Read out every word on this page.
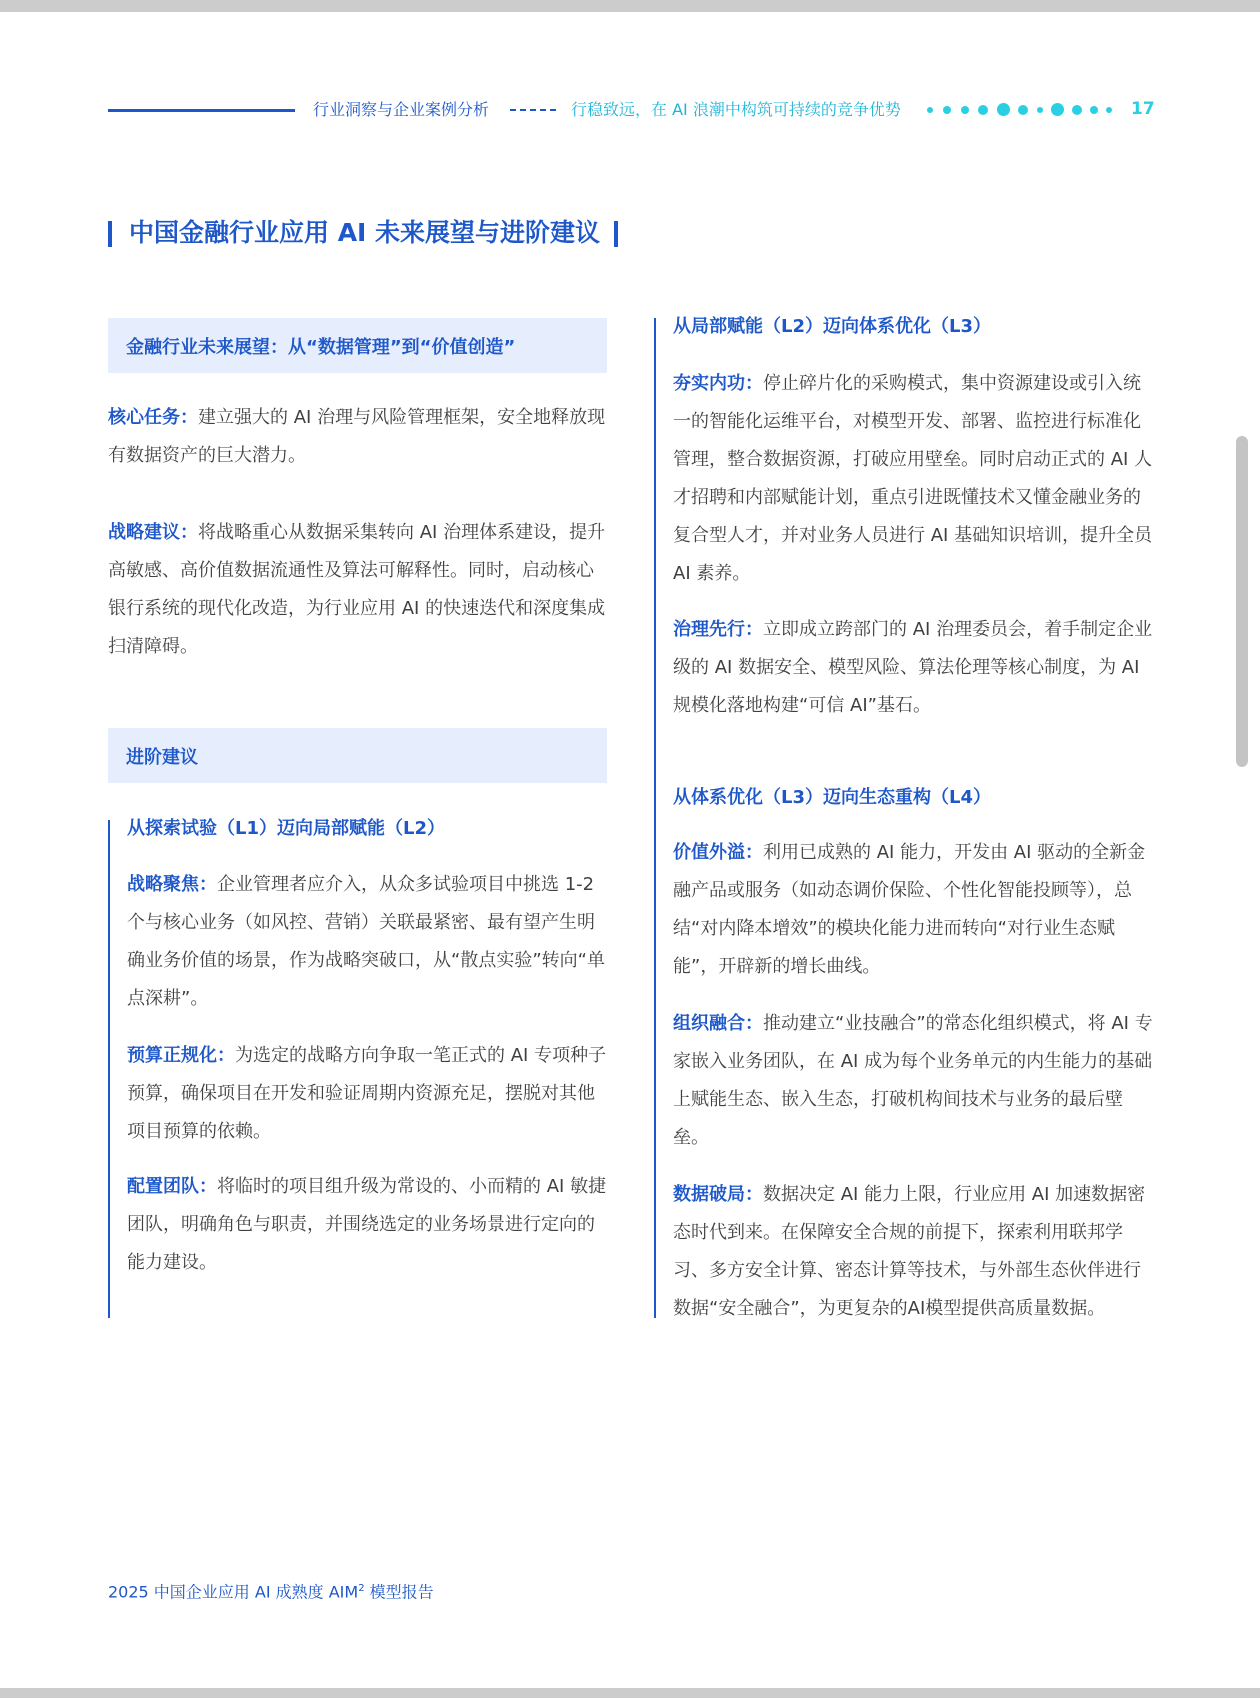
行业洞察与企业案例分析	行稳致远，在 AI 浪潮中构筑可持续的竞争优势	17
中国金融行业应用 AI 未来展望与进阶建议
金融行业未来展望：从“数据管理”到“价值创造”
核心任务：建立强大的 AI 治理与风险管理框架，安全地释放现有数据资产的巨大潜力。
战略建议：将战略重心从数据采集转向 AI 治理体系建设，提升高敏感、高价值数据流通性及算法可解释性。同时，启动核心银行系统的现代化改造，为行业应用 AI 的快速迭代和深度集成扫清障碍。
进阶建议
从探索试验（L1）迈向局部赋能（L2）
战略聚焦：企业管理者应介入，从众多试验项目中挑选 1-2 个与核心业务（如风控、营销）关联最紧密、最有望产生明确业务价值的场景，作为战略突破口，从“散点实验”转向“单点深耕”。
预算正规化：为选定的战略方向争取一笔正式的 AI 专项种子预算，确保项目在开发和验证周期内资源充足，摆脱对其他项目预算的依赖。
配置团队：将临时的项目组升级为常设的、小而精的 AI 敏捷团队，明确角色与职责，并围绕选定的业务场景进行定向的能力建设。
从局部赋能（L2）迈向体系优化（L3）
夯实内功：停止碎片化的采购模式，集中资源建设或引入统一的智能化运维平台，对模型开发、部署、监控进行标准化管理，整合数据资源，打破应用壁垒。同时启动正式的 AI 人才招聘和内部赋能计划，重点引进既懂技术又懂金融业务的复合型人才，并对业务人员进行 AI 基础知识培训，提升全员 AI 素养。
治理先行：立即成立跨部门的 AI 治理委员会，着手制定企业级的 AI 数据安全、模型风险、算法伦理等核心制度，为 AI 规模化落地构建“可信 AI”基石。
从体系优化（L3）迈向生态重构（L4）
价值外溢：利用已成熟的 AI 能力，开发由 AI 驱动的全新金融产品或服务（如动态调价保险、个性化智能投顾等），总结“对内降本增效”的模块化能力进而转向“对行业生态赋能”，开辟新的增长曲线。
组织融合：推动建立“业技融合”的常态化组织模式，将 AI 专家嵌入业务团队，在 AI 成为每个业务单元的内生能力的基础上赋能生态、嵌入生态，打破机构间技术与业务的最后壁垒。
数据破局：数据决定 AI 能力上限，行业应用 AI 加速数据密态时代到来。在保障安全合规的前提下，探索利用联邦学习、多方安全计算、密态计算等技术，与外部生态伙伴进行数据“安全融合”，为更复杂的AI模型提供高质量数据。
2025 中国企业应用 AI 成熟度 AIM$^2$ 模型报告
